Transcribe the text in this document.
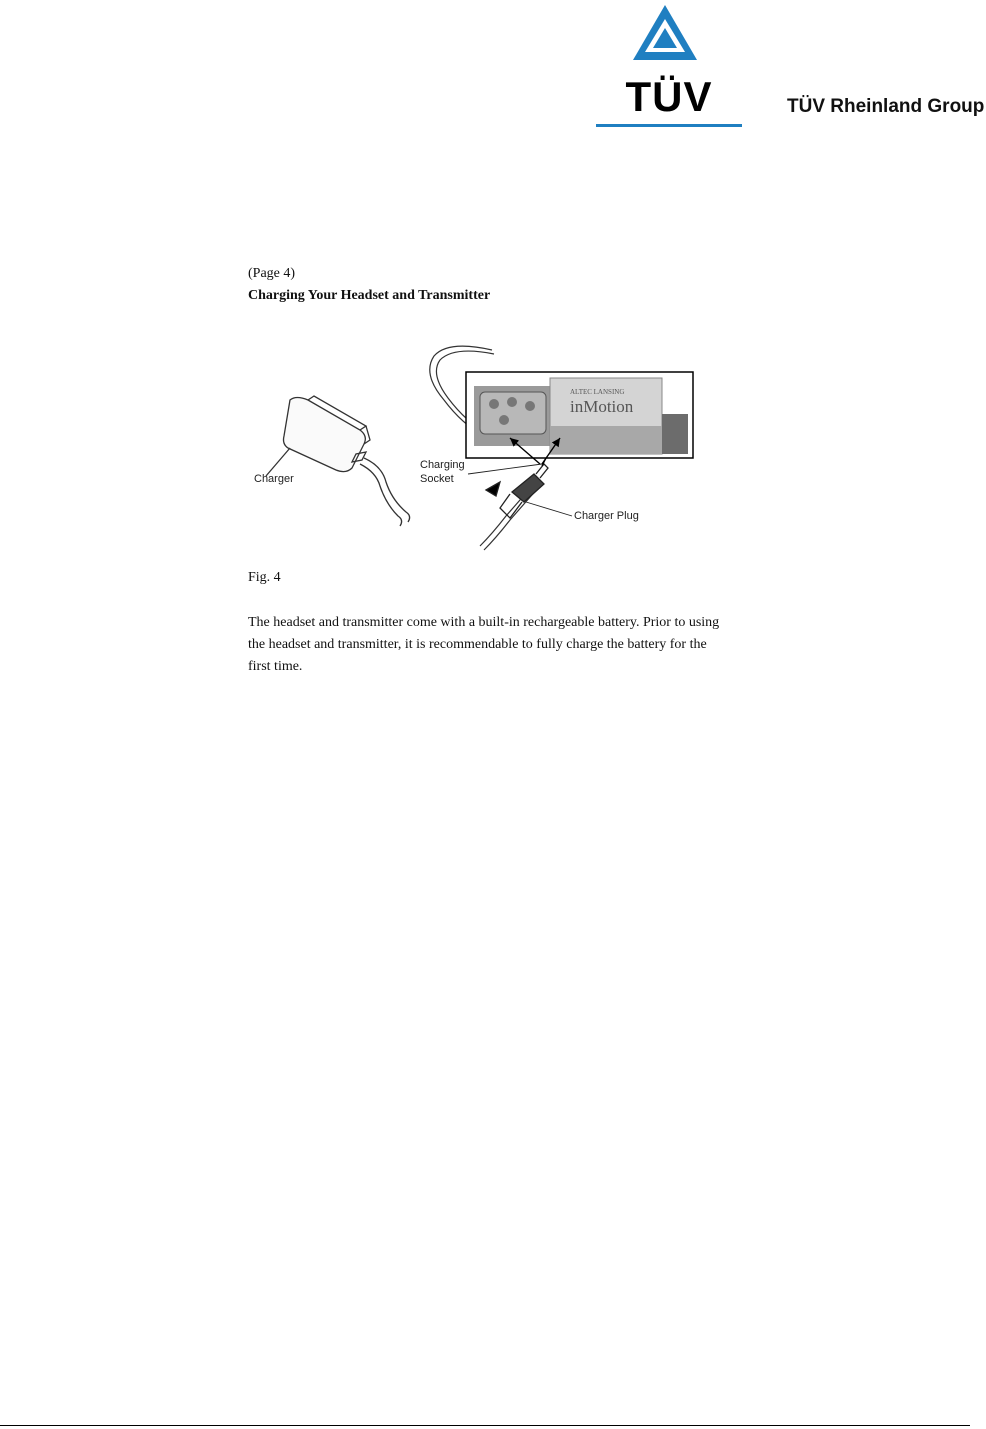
TÜV	TÜV Rheinland Group
(Page 4)
Charging Your Headset and Transmitter
ALTEC LANSING
inMotion
Charger
Charging
Socket
Charger Plug
Fig. 4
The headset and transmitter come with a built-in rechargeable battery. Prior to using
the headset and transmitter, it is recommendable to fully charge the battery for the
first time.
